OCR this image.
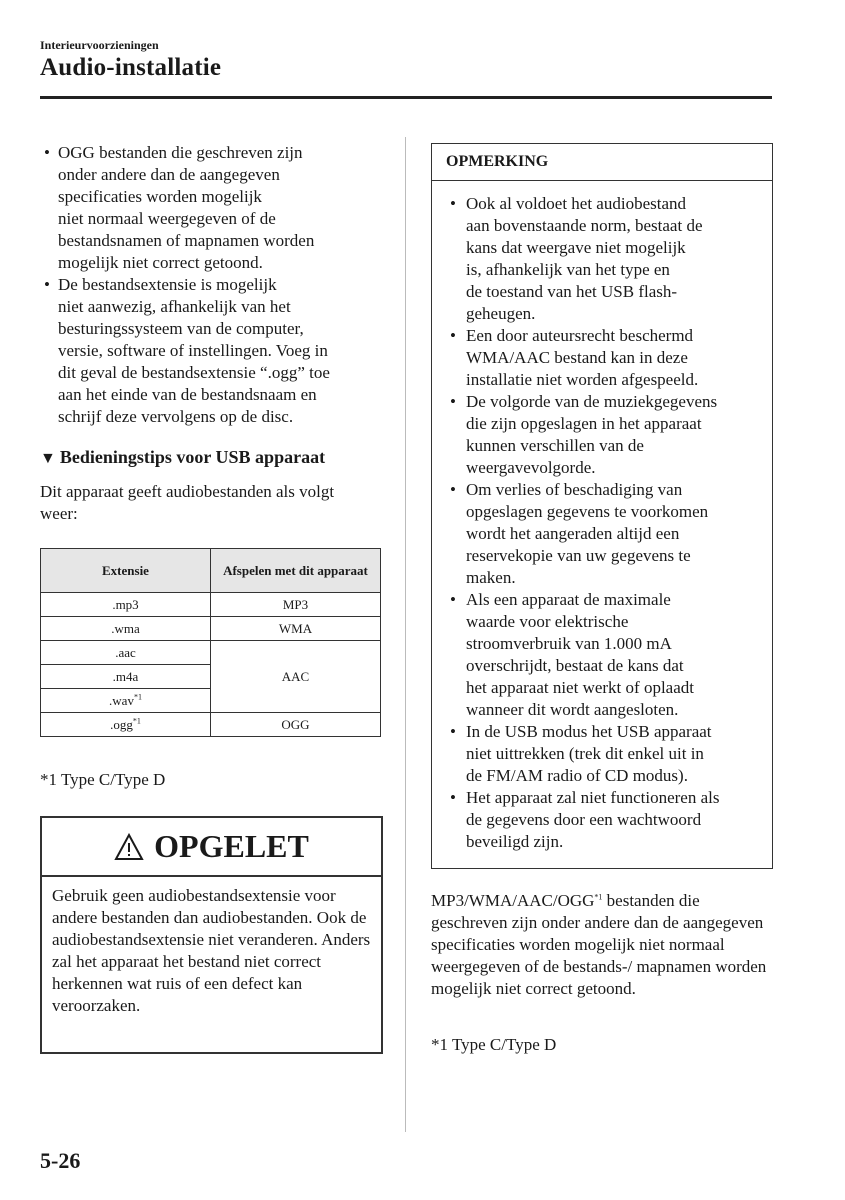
Interieurvoorzieningen
Audio-installatie
• OGG bestanden die geschreven zijn
onder andere dan de aangegeven
specificaties worden mogelijk
niet normaal weergegeven of de
bestandsnamen of mapnamen worden
mogelijk niet correct getoond.
• De bestandsextensie is mogelijk
niet aanwezig, afhankelijk van het
besturingssysteem van de computer,
versie, software of instellingen. Voeg in
dit geval de bestandsextensie “.ogg” toe
aan het einde van de bestandsnaam en
schrijf deze vervolgens op de disc.
▼ Bedieningstips voor USB apparaat
Dit apparaat geeft audiobestanden als volgt weer:
Extensie	Afspelen met dit apparaat
.mp3	MP3
.wma	WMA
.aac	AAC
.m4a	
.wav$^{*1}$
.ogg$^{*1}$	OGG
*1 Type C/Type D
OPGELET
Gebruik geen audiobestandsextensie voor andere bestanden dan audiobestanden. Ook de audiobestandsextensie niet veranderen. Anders zal het apparaat het bestand niet correct herkennen wat ruis of een defect kan veroorzaken.
OPMERKING
• Ook al voldoet het audiobestand
aan bovenstaande norm, bestaat de
kans dat weergave niet mogelijk
is, afhankelijk van het type en
de toestand van het USB flash-
geheugen.
• Een door auteursrecht beschermd
WMA/AAC bestand kan in deze
installatie niet worden afgespeeld.
• De volgorde van de muziekgegevens
die zijn opgeslagen in het apparaat
kunnen verschillen van de
weergavevolgorde.
• Om verlies of beschadiging van
opgeslagen gegevens te voorkomen
wordt het aangeraden altijd een
reservekopie van uw gegevens te
maken.
• Als een apparaat de maximale
waarde voor elektrische
stroomverbruik van 1.000 mA
overschrijdt, bestaat de kans dat
het apparaat niet werkt of oplaadt
wanneer dit wordt aangesloten.
• In de USB modus het USB apparaat
niet uittrekken (trek dit enkel uit in
de FM/AM radio of CD modus).
• Het apparaat zal niet functioneren als
de gegevens door een wachtwoord
beveiligd zijn.
MP3/WMA/AAC/OGG$^{*1}$ bestanden die geschreven zijn onder andere dan de aangegeven specificaties worden mogelijk niet normaal weergegeven of de bestands-/ mapnamen worden mogelijk niet correct getoond.
*1 Type C/Type D
5-26
